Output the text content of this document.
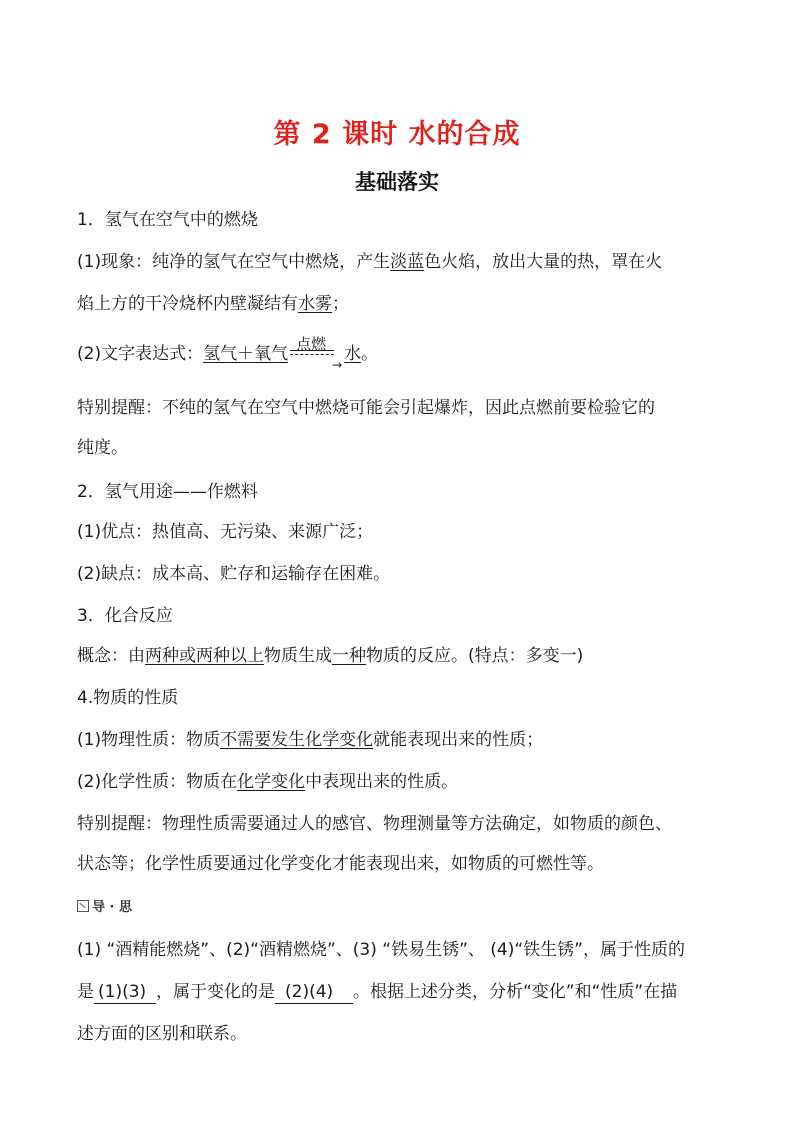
第 2 课时 水的合成
基础落实
1．氢气在空气中的燃烧
(1)现象：纯净的氢气在空气中燃烧，产生淡蓝色火焰，放出大量的热，罩在火
焰上方的干冷烧杯内壁凝结有水雾；
(2)文字表达式：氢气＋氧气 点燃
→
水。
特别提醒：不纯的氢气在空气中燃烧可能会引起爆炸，因此点燃前要检验它的
纯度。
2．氢气用途——作燃料
(1)优点：热值高、无污染、来源广泛；
(2)缺点：成本高、贮存和运输存在困难。
3．化合反应
概念：由两种或两种以上物质生成一种物质的反应。(特点：多变一)
4.物质的性质
(1)物理性质：物质不需要发生化学变化就能表现出来的性质；
(2)化学性质：物质在化学变化中表现出来的性质。
特别提醒：物理性质需要通过人的感官、物理测量等方法确定，如物质的颜色、
状态等；化学性质要通过化学变化才能表现出来，如物质的可燃性等。
导 · 思
(1) “酒精能燃烧”、(2)“酒精燃烧”、(3) “铁易生锈”、 (4)“铁生锈”，属于性质的
是 (1)(3) ，属于变化的是 (2)(4) 。根据上述分类，分析“变化”和“性质”在描
述方面的区别和联系。
